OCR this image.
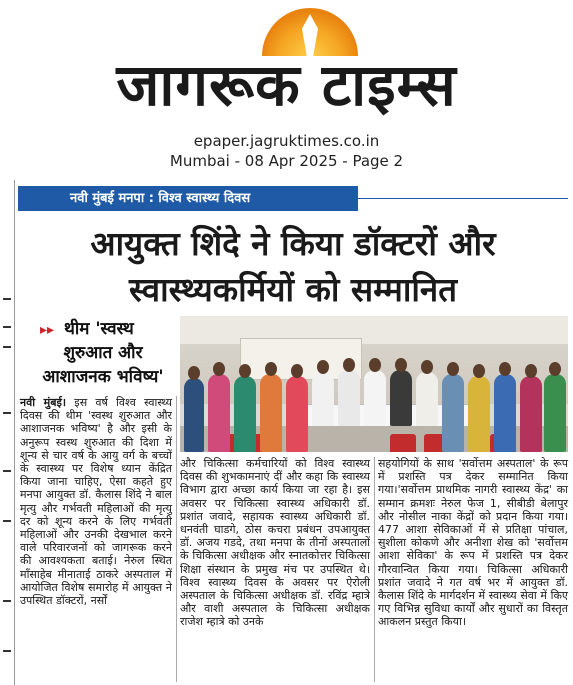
जागरूक टाइम्स
epaper.jagruktimes.co.in
Mumbai - 08 Apr 2025 - Page 2
नवी मुंबई मनपा : विश्व स्वास्थ्य दिवस
आयुक्त शिंदे ने किया डॉक्टरों और
स्वास्थ्यकर्मियों को सम्मानित
▸▸ थीम 'स्वस्थ
शुरुआत और
आशाजनक भविष्य'

नवी मुंबई। इस वर्ष विश्व स्वास्थ्य दिवस की थीम 'स्वस्थ शुरुआत और आशाजनक भविष्य' है और इसी के अनुरूप स्वस्थ शुरुआत की दिशा में शून्य से चार वर्ष के आयु वर्ग के बच्चों के स्वास्थ्य पर विशेष ध्यान केंद्रित किया जाना चाहिए, ऐसा कहते हुए मनपा आयुक्त डॉ. कैलास शिंदे ने बाल मृत्यु और गर्भवती महिलाओं की मृत्यु दर को शून्य करने के लिए गर्भवती महिलाओं और उनकी देखभाल करने वाले परिवारजनों को जागरूक करने की आवश्यकता बताई। नेरुल स्थित माँसाहेब मीनाताई ठाकरे अस्पताल में आयोजित विशेष समारोह में आयुक्त ने उपस्थित डॉक्टरों, नर्सों

और चिकित्सा कर्मचारियों को विश्व स्वास्थ्य दिवस की शुभकामनाएं दीं और कहा कि स्वास्थ्य विभाग द्वारा अच्छा कार्य किया जा रहा है। इस अवसर पर चिकित्सा स्वास्थ्य अधिकारी डॉ. प्रशांत जवादे, सहायक स्वास्थ्य अधिकारी डॉ. धनवंती घाडगे, ठोस कचरा प्रबंधन उपआयुक्त डॉ. अजय गडदे, तथा मनपा के तीनों अस्पतालों के चिकित्सा अधीक्षक और स्नातकोत्तर चिकित्सा शिक्षा संस्थान के प्रमुख मंच पर उपस्थित थे। विश्व स्वास्थ्य दिवस के अवसर पर ऐरोली अस्पताल के चिकित्सा अधीक्षक डॉ. रविंद्र म्हात्रे और वाशी अस्पताल के चिकित्सा अधीक्षक राजेश म्हात्रे को उनके

सहयोगियों के साथ 'सर्वोत्तम अस्पताल' के रूप में प्रशस्ति पत्र देकर सम्मानित किया गया।'सर्वोत्तम प्राथमिक नागरी स्वास्थ्य केंद्र' का सम्मान क्रमशः नेरुल फेज 1, सीबीडी बेलापुर और नोसील नाका केंद्रों को प्रदान किया गया। 477 आशा सेविकाओं में से प्रतिक्षा पांचाल, सुशीला कोकणे और अनीशा शेख को 'सर्वोत्तम आशा सेविका' के रूप में प्रशस्ति पत्र देकर गौरवान्वित किया गया। चिकित्सा अधिकारी प्रशांत जवादे ने गत वर्ष भर में आयुक्त डॉ. कैलास शिंदे के मार्गदर्शन में स्वास्थ्य सेवा में किए गए विभिन्न सुविधा कार्यों और सुधारों का विस्तृत आकलन प्रस्तुत किया।
